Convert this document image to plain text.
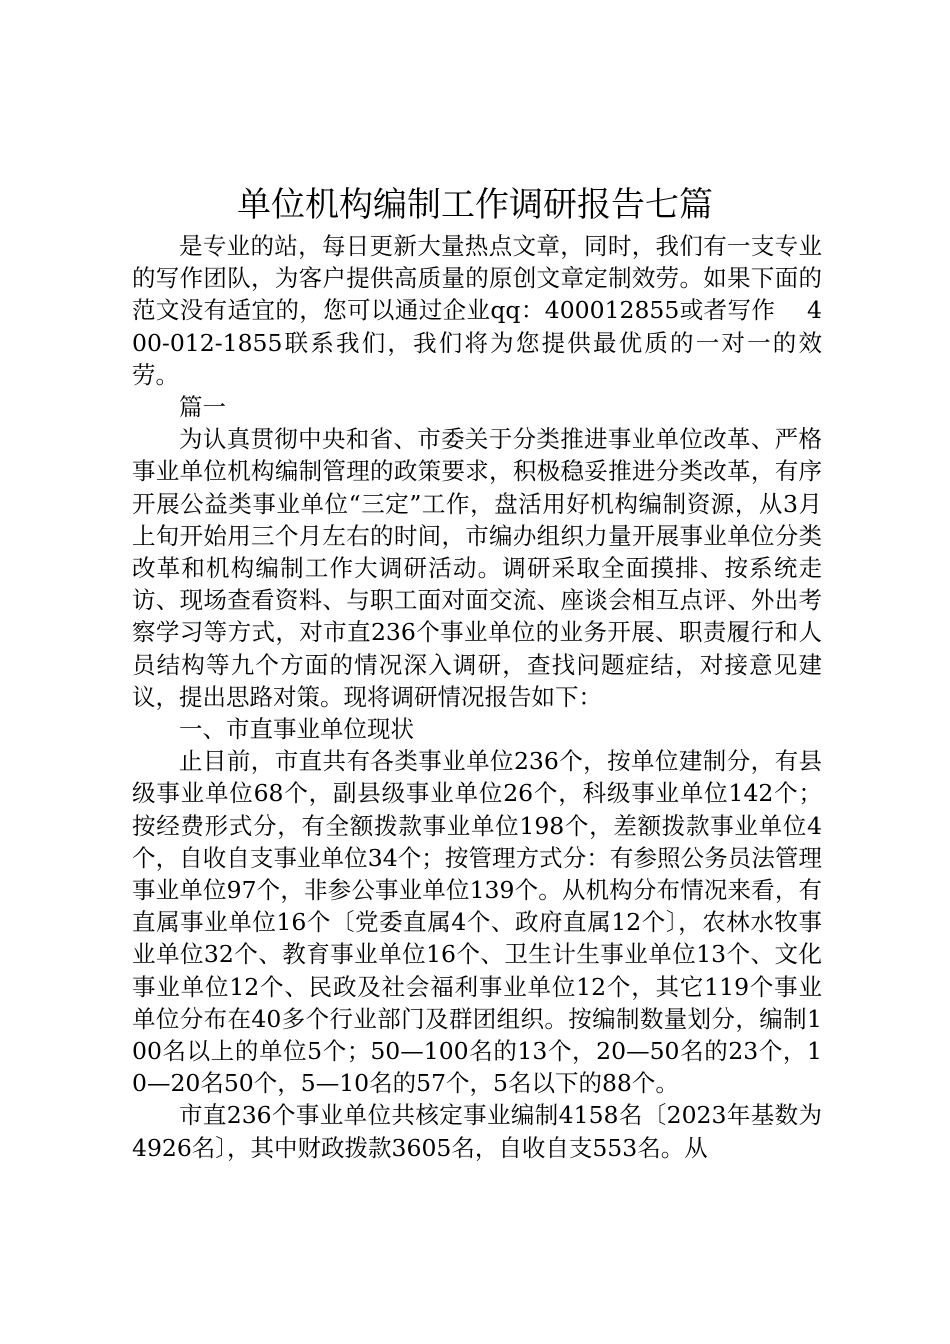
单位机构编制工作调研报告七篇

是专业的站，每日更新大量热点文章，同时，我们有一支专业的写作团队，为客户提供高质量的原创文章定制效劳。如果下面的范文没有适宜的，您可以通过企业qq：400012855或者写作　 400-012-1855联系我们，我们将为您提供最优质的一对一的效劳。

篇一

为认真贯彻中央和省、市委关于分类推进事业单位改革、严格事业单位机构编制管理的政策要求，积极稳妥推进分类改革，有序开展公益类事业单位“三定”工作，盘活用好机构编制资源，从3月上旬开始用三个月左右的时间，市编办组织力量开展事业单位分类改革和机构编制工作大调研活动。调研采取全面摸排、按系统走访、现场查看资料、与职工面对面交流、座谈会相互点评、外出考察学习等方式，对市直236个事业单位的业务开展、职责履行和人员结构等九个方面的情况深入调研，查找问题症结，对接意见建议，提出思路对策。现将调研情况报告如下：

一、市直事业单位现状

止目前，市直共有各类事业单位236个，按单位建制分，有县级事业单位68个，副县级事业单位26个，科级事业单位142个；按经费形式分，有全额拨款事业单位198个，差额拨款事业单位4个，自收自支事业单位34个；按管理方式分：有参照公务员法管理事业单位97个，非参公事业单位139个。从机构分布情况来看，有直属事业单位16个〔党委直属4个、政府直属12个〕，农林水牧事业单位32个、教育事业单位16个、卫生计生事业单位13个、文化事业单位12个、民政及社会福利事业单位12个，其它119个事业单位分布在40多个行业部门及群团组织。按编制数量划分，编制100名以上的单位5个；50—100名的13个，20—50名的23个，10—20名50个，5—10名的57个，5名以下的88个。

市直236个事业单位共核定事业编制4158名〔2023年基数为4926名〕，其中财政拨款3605名，自收自支553名。从
